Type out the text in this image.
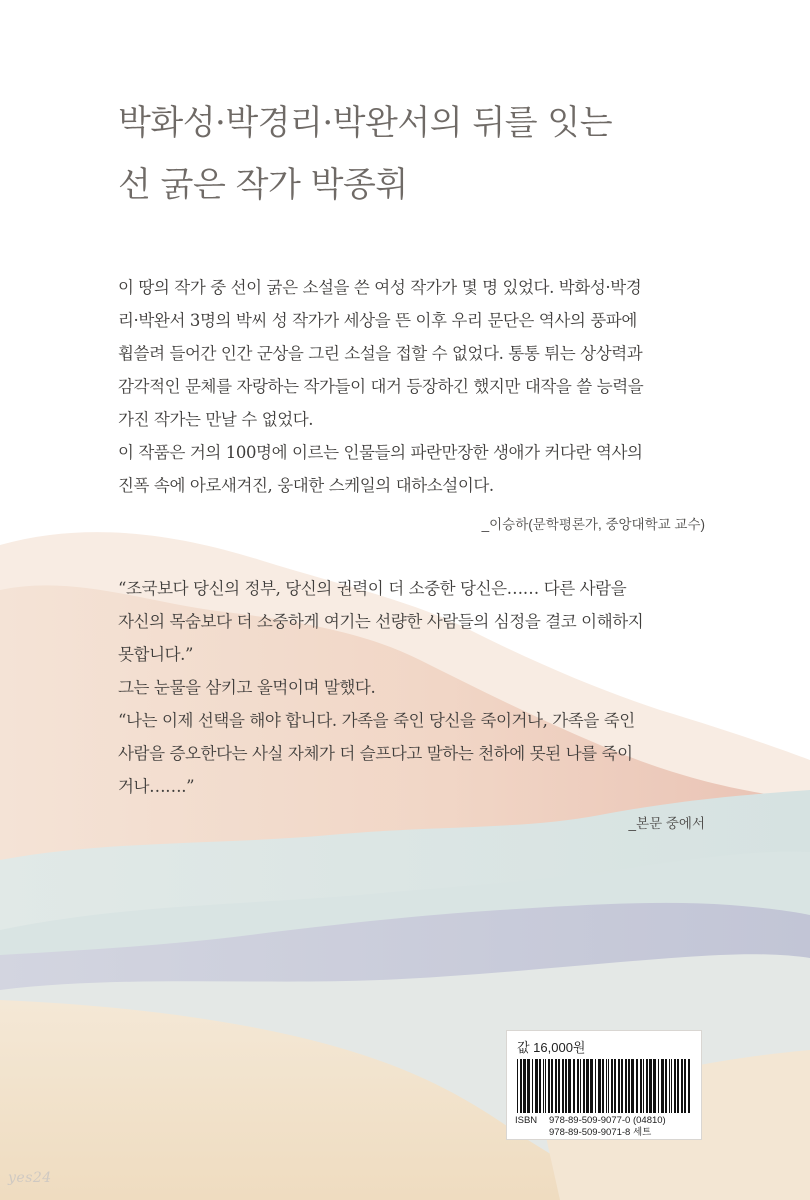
박화성·박경리·박완서의 뒤를 잇는
선 굵은 작가 박종휘
이 땅의 작가 중 선이 굵은 소설을 쓴 여성 작가가 몇 명 있었다. 박화성·박경
리·박완서 3명의 박씨 성 작가가 세상을 뜬 이후 우리 문단은 역사의 풍파에
휩쓸려 들어간 인간 군상을 그린 소설을 접할 수 없었다. 통통 튀는 상상력과
감각적인 문체를 자랑하는 작가들이 대거 등장하긴 했지만 대작을 쓸 능력을
가진 작가는 만날 수 없었다.
이 작품은 거의 100명에 이르는 인물들의 파란만장한 생애가 커다란 역사의
진폭 속에 아로새겨진, 웅대한 스케일의 대하소설이다.
_이승하(문학평론가, 중앙대학교 교수)
“조국보다 당신의 정부, 당신의 권력이 더 소중한 당신은…… 다른 사람을
자신의 목숨보다 더 소중하게 여기는 선량한 사람들의 심정을 결코 이해하지
못합니다.”
그는 눈물을 삼키고 울먹이며 말했다.
“나는 이제 선택을 해야 합니다. 가족을 죽인 당신을 죽이거나, 가족을 죽인
사람을 증오한다는 사실 자체가 더 슬프다고 말하는 천하에 못된 나를 죽이
거나…….”
_본문 중에서
값 16,000원
ISBN	978-89-509-9077-0 (04810)
978-89-509-9071-8 세트
yes24
